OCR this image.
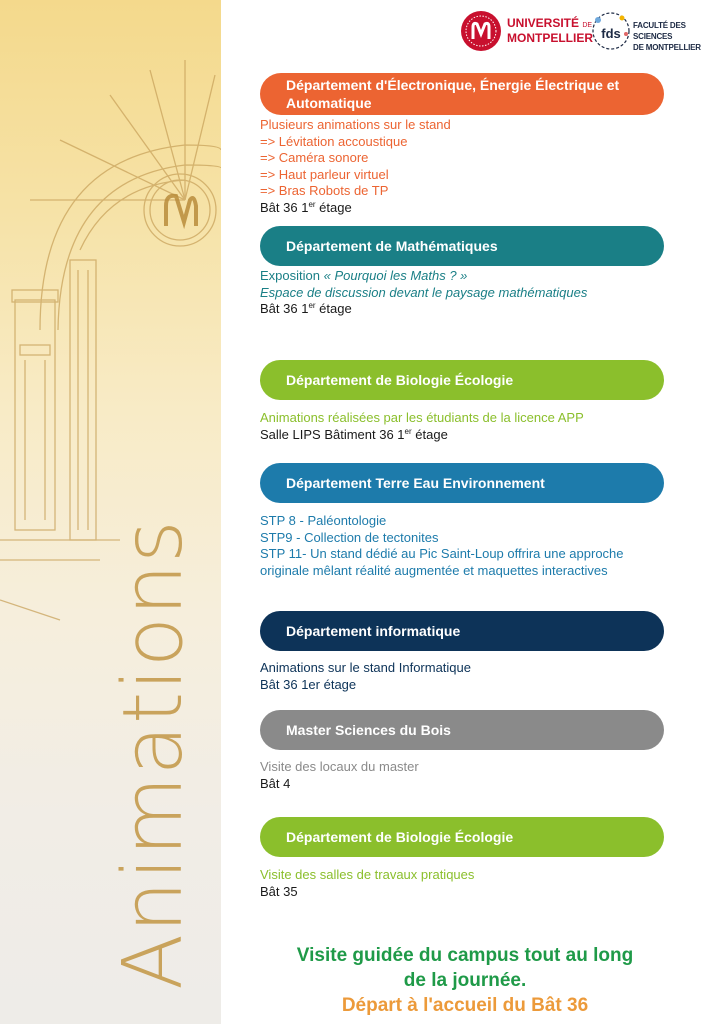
Animations
UNIVERSITÉ DE
MONTPELLIER fds
FACULTÉ DES SCIENCES
DE MONTPELLIER
Département d'Électronique, Énergie Électrique et Automatique
Plusieurs animations sur le stand
=> Lévitation accoustique
=> Caméra sonore
=> Haut parleur virtuel
=> Bras Robots de TP
Bât 36 1er étage
Département de Mathématiques
Exposition « Pourquoi les Maths ? »
Espace de discussion devant le paysage mathématiques
Bât 36 1er étage
Département de Biologie Écologie
Animations réalisées par les étudiants de la licence APP
Salle LIPS Bâtiment 36 1er étage
Département Terre Eau Environnement
STP 8 - Paléontologie
STP9 - Collection de tectonites
STP 11- Un stand dédié au Pic Saint-Loup offrira une approche
originale mêlant réalité augmentée et maquettes interactives
Département informatique
Animations sur le stand Informatique
Bât 36 1er étage
Master Sciences du Bois
Visite des locaux du master
Bât 4
Département de Biologie Écologie
Visite des salles de travaux pratiques
Bât 35
Visite guidée du campus tout au long
de la journée.
Départ à l'accueil du Bât 36
